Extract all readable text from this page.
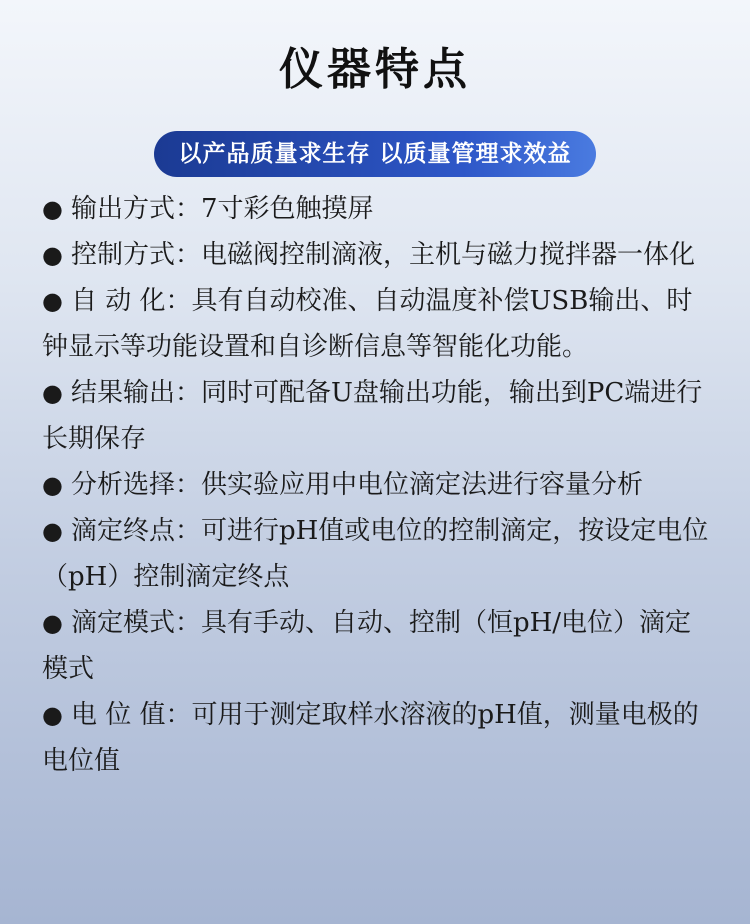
仪器特点
以产品质量求生存 以质量管理求效益

● 输出方式：7寸彩色触摸屏

● 控制方式：电磁阀控制滴液，主机与磁力搅拌器一体化

● 自 动 化：具有自动校准、自动温度补偿USB输出、时钟显示等功能设置和自诊断信息等智能化功能。

● 结果输出：同时可配备U盘输出功能，输出到PC端进行长期保存

● 分析选择：供实验应用中电位滴定法进行容量分析

● 滴定终点：可进行pH值或电位的控制滴定，按设定电位（pH）控制滴定终点

● 滴定模式：具有手动、自动、控制（恒pH/电位）滴定模式

● 电 位 值：可用于测定取样水溶液的pH值，测量电极的电位值
